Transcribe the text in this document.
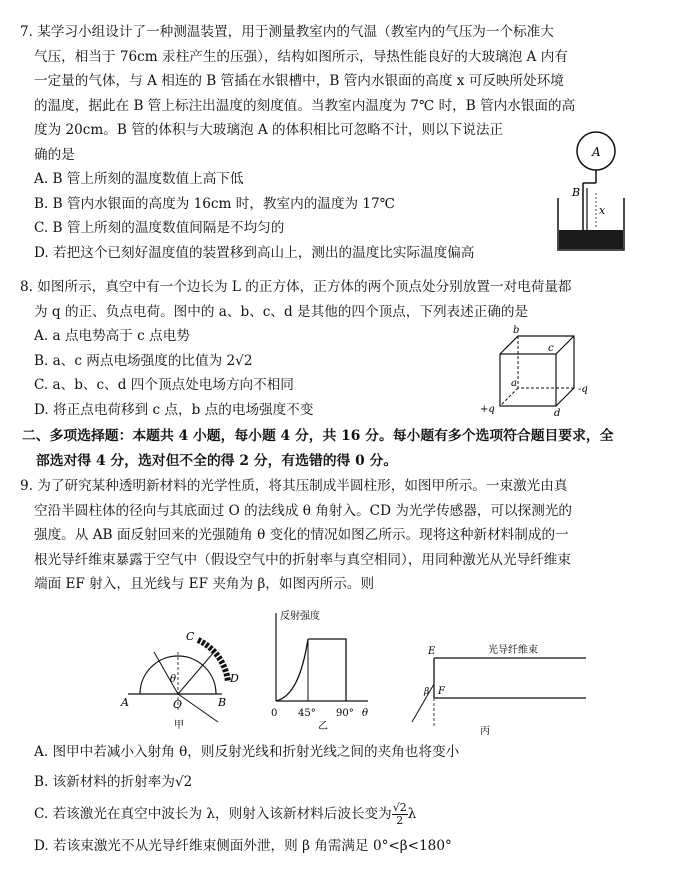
7. 某学习小组设计了一种测温装置，用于测量教室内的气温（教室内的气压为一个标准大

气压，相当于 76cm 汞柱产生的压强），结构如图所示，导热性能良好的大玻璃泡 A 内有

一定量的气体，与 A 相连的 B 管插在水银槽中，B 管内水银面的高度 x 可反映所处环境

的温度，据此在 B 管上标注出温度的刻度值。当教室内温度为 7℃ 时，B 管内水银面的高

度为 20cm。B 管的体积与大玻璃泡 A 的体积相比可忽略不计，则以下说法正

确的是

A. B 管上所刻的温度数值上高下低

B. B 管内水银面的高度为 16cm 时，教室内的温度为 17℃

C. B 管上所刻的温度数值间隔是不均匀的

D. 若把这个已刻好温度值的装置移到高山上，测出的温度比实际温度偏高

A
B
x

8. 如图所示，真空中有一个边长为 L 的正方体，正方体的两个顶点处分别放置一对电荷量都

为 q 的正、负点电荷。图中的 a、b、c、d 是其他的四个顶点，下列表述正确的是

A. a 点电势高于 c 点电势

B. a、c 两点电场强度的比值为 2√2

C. a、b、c、d 四个顶点处电场方向不相同

D. 将正点电荷移到 c 点，b 点的电场强度不变

b
c
a
d
+q
-q

二、多项选择题：本题共 4 小题，每小题 4 分，共 16 分。每小题有多个选项符合题目要求，全

部选对得 4 分，选对但不全的得 2 分，有选错的得 0 分。

9. 为了研究某种透明新材料的光学性质，将其压制成半圆柱形，如图甲所示。一束激光由真

空沿半圆柱体的径向与其底面过 O 的法线成 θ 角射入。CD 为光学传感器，可以探测光的

强度。从 AB 面反射回来的光强随角 θ 变化的情况如图乙所示。现将这种新材料制成的一

根光导纤维束暴露于空气中（假设空气中的折射率与真空相同），用同种激光从光导纤维束

端面 EF 射入，且光线与 EF 夹角为 β，如图丙所示。则

C
D
A	B
O
θ
甲
反射强度
0 45° 90° θ
乙
E
F
β
光导纤维束
丙

A. 图甲中若减小入射角 θ，则反射光线和折射光线之间的夹角也将变小

B. 该新材料的折射率为√2

C. 若该激光在真空中波长为 λ，则射入该新材料后波长变为 $\frac{√2}{2}$ λ

D. 若该束激光不从光导纤维束侧面外泄，则 β 角需满足 0°<β<180°
